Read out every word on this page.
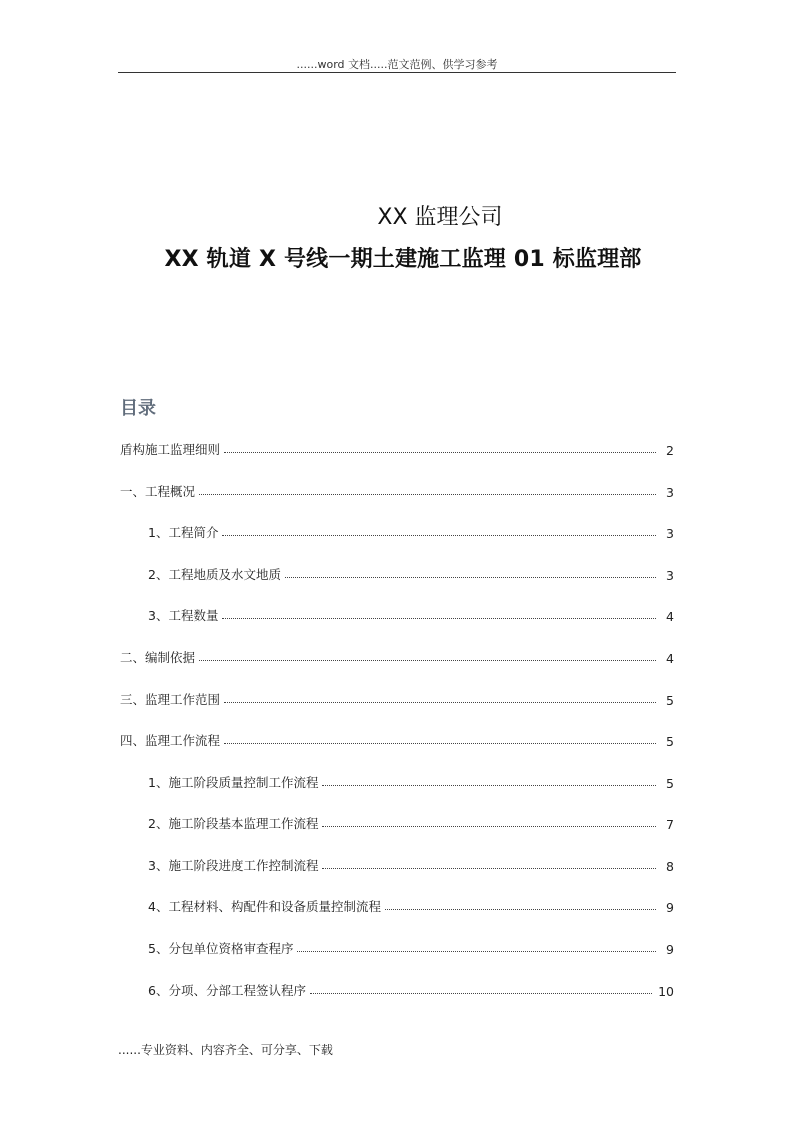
......word 文档.....范文范例、供学习参考
XX 监理公司
XX 轨道 X 号线一期土建施工监理 01 标监理部
目录
盾构施工监理细则	2
一、工程概况	3
1、工程简介	3
2、工程地质及水文地质	3
3、工程数量	4
二、编制依据	4
三、监理工作范围	5
四、监理工作流程	5
1、施工阶段质量控制工作流程	5
2、施工阶段基本监理工作流程	7
3、施工阶段进度工作控制流程	8
4、工程材料、构配件和设备质量控制流程	9
5、分包单位资格审查程序	9
6、分项、分部工程签认程序	10
......专业资料、内容齐全、可分享、下载
